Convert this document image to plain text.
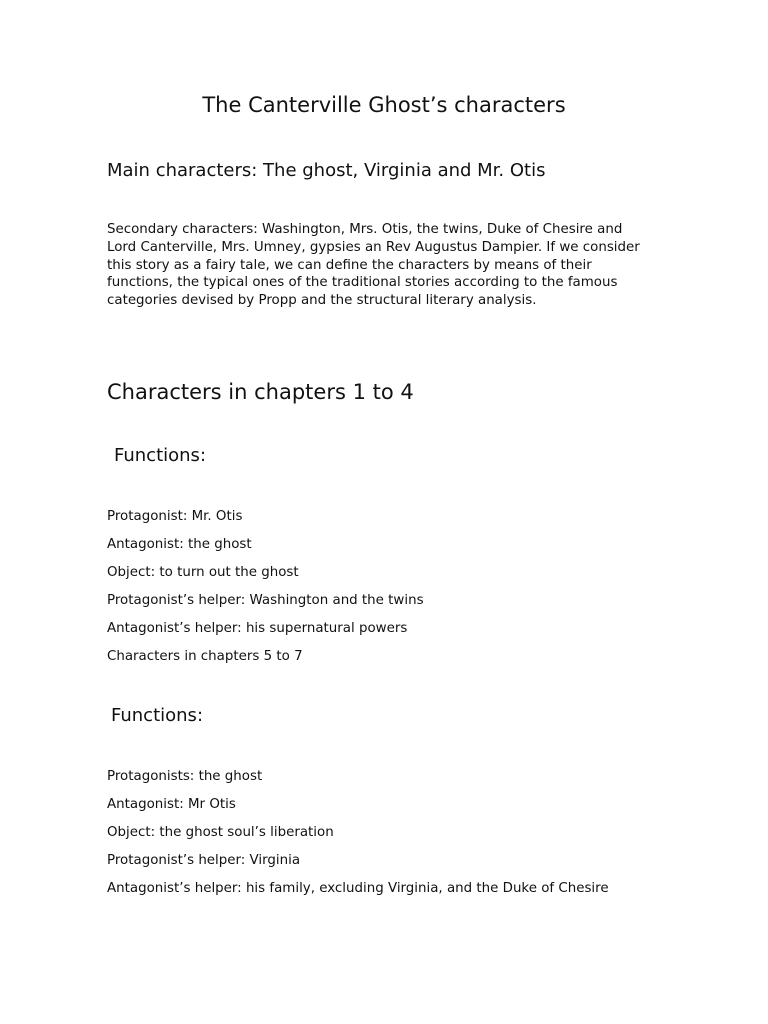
The Canterville Ghost’s characters
Main characters: The ghost, Virginia and Mr. Otis

Secondary characters: Washington, Mrs. Otis, the twins, Duke of Chesire and Lord Canterville, Mrs. Umney, gypsies an Rev Augustus Dampier. If we consider this story as a fairy tale, we can define the characters by means of their functions, the typical ones of the traditional stories according to the famous categories devised by Propp and the structural literary analysis.

Characters in chapters 1 to 4
Functions:
Protagonist: Mr. Otis
Antagonist: the ghost
Object: to turn out the ghost
Protagonist’s helper: Washington and the twins
Antagonist’s helper: his supernatural powers
Characters in chapters 5 to 7
Functions:
Protagonists: the ghost
Antagonist: Mr Otis
Object: the ghost soul’s liberation
Protagonist’s helper: Virginia
Antagonist’s helper: his family, excluding Virginia, and the Duke of Chesire
